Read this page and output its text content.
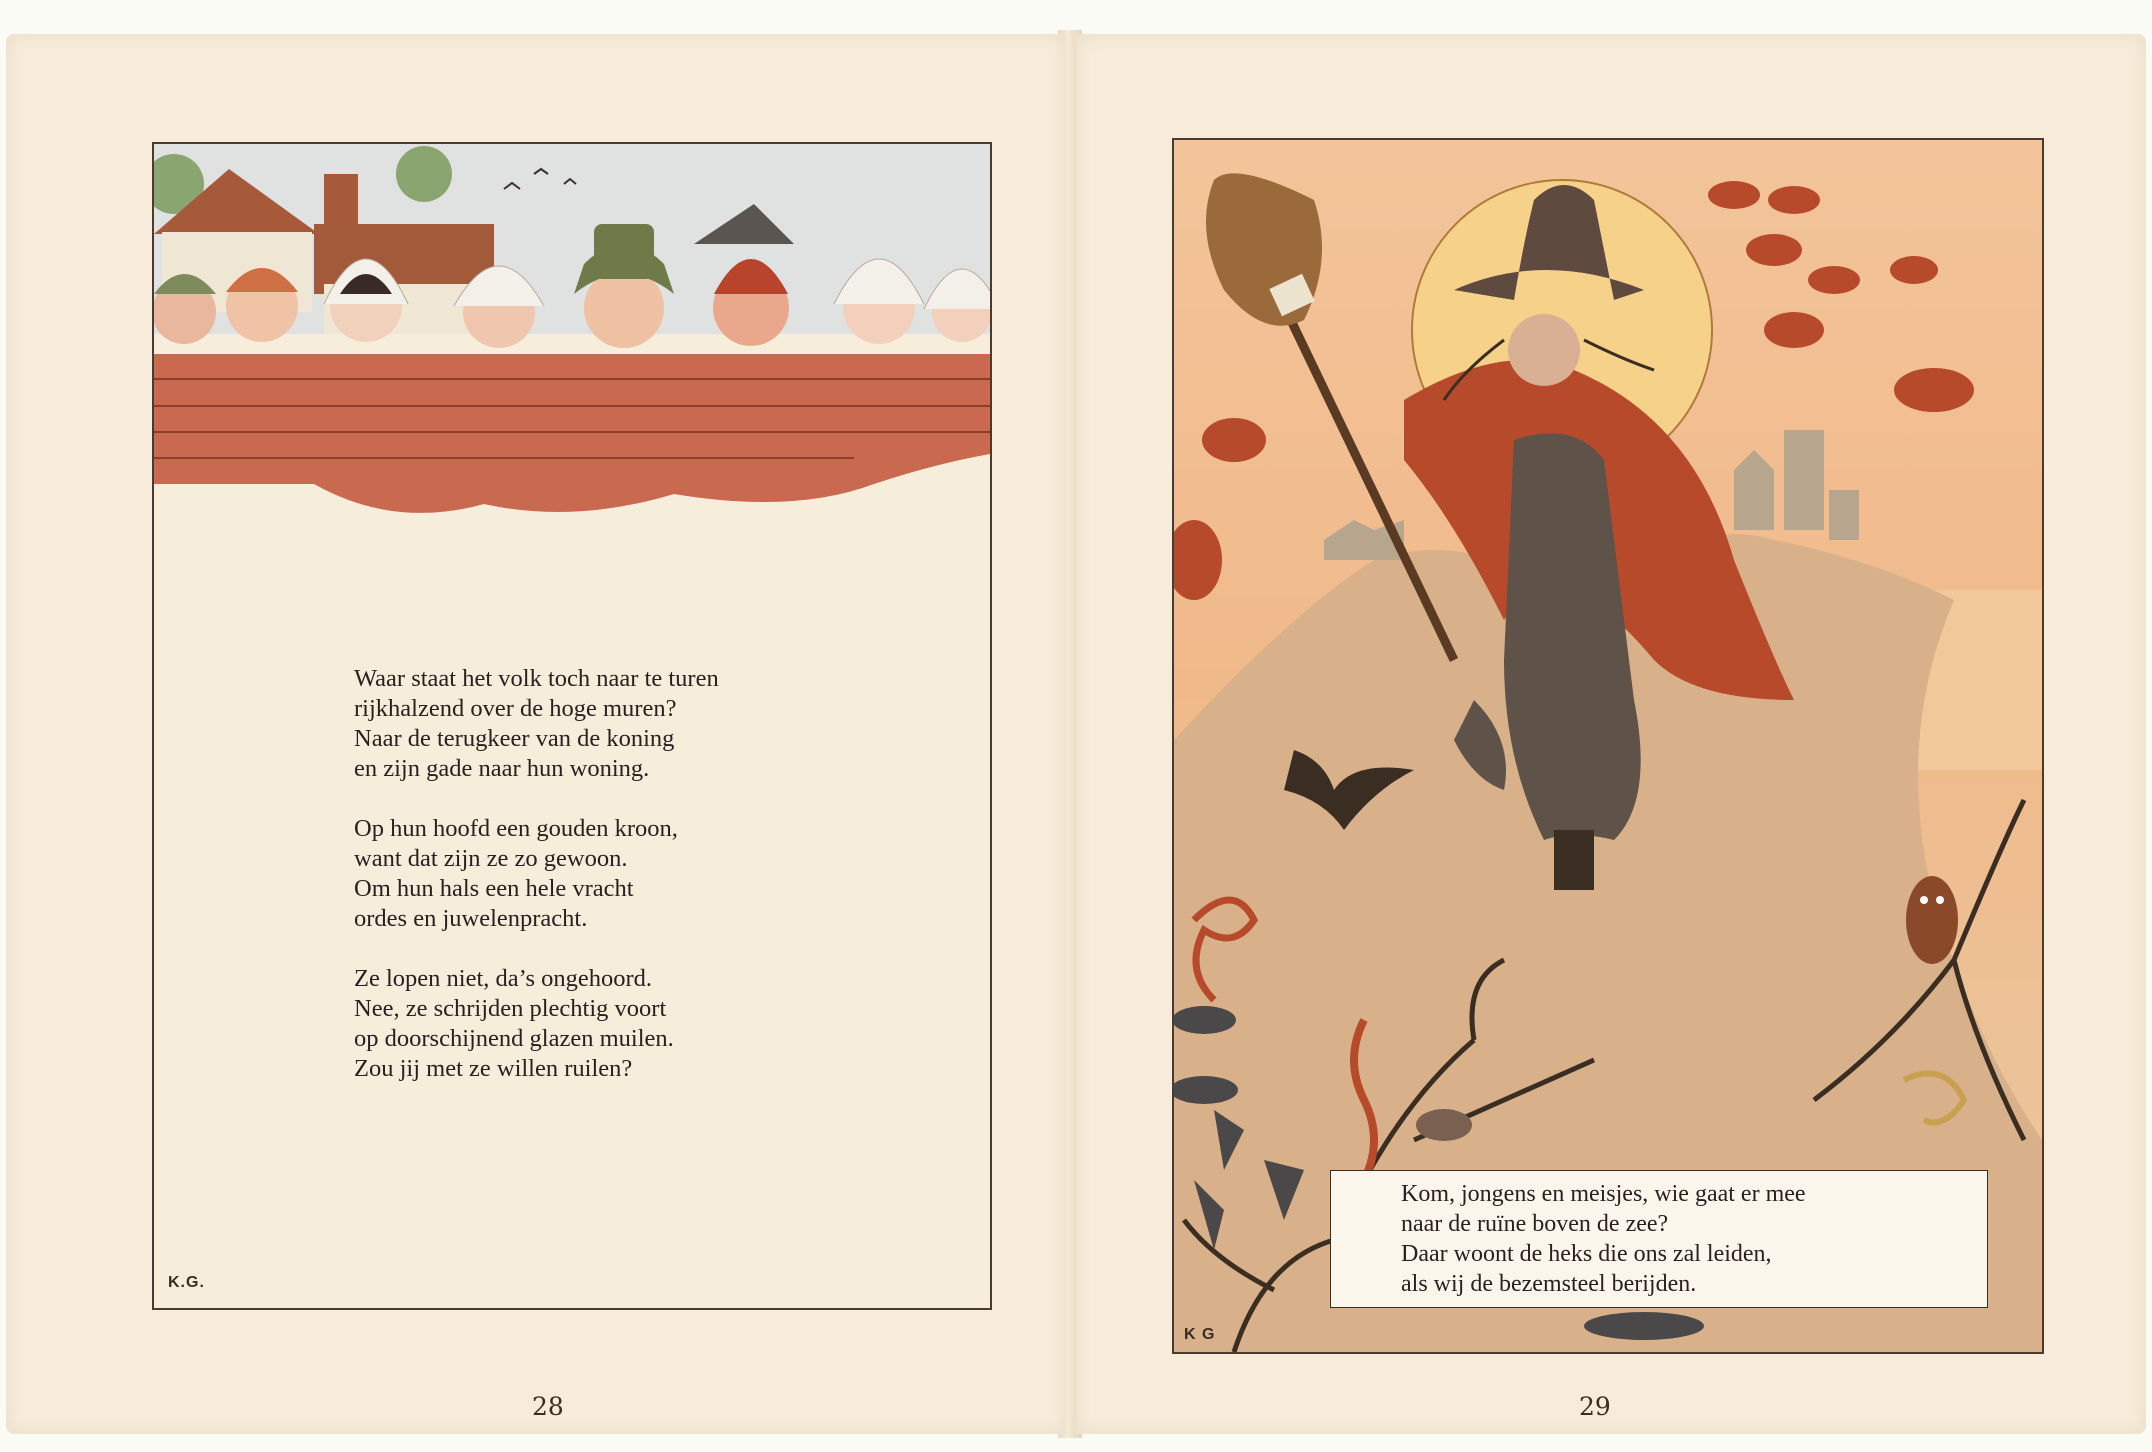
Waar staat het volk toch naar te turen
rijkhalzend over de hoge muren?
Naar de terugkeer van de koning
en zijn gade naar hun woning.
Op hun hoofd een gouden kroon,
want dat zijn ze zo gewoon.
Om hun hals een hele vracht
ordes en juwelenpracht.
Ze lopen niet, da’s ongehoord.
Nee, ze schrijden plechtig voort
op doorschijnend glazen muilen.
Zou jij met ze willen ruilen?
K.G.
28
Kom, jongens en meisjes, wie gaat er mee
naar de ruïne boven de zee?
Daar woont de heks die ons zal leiden,
als wij de bezemsteel berijden.
K G
29
